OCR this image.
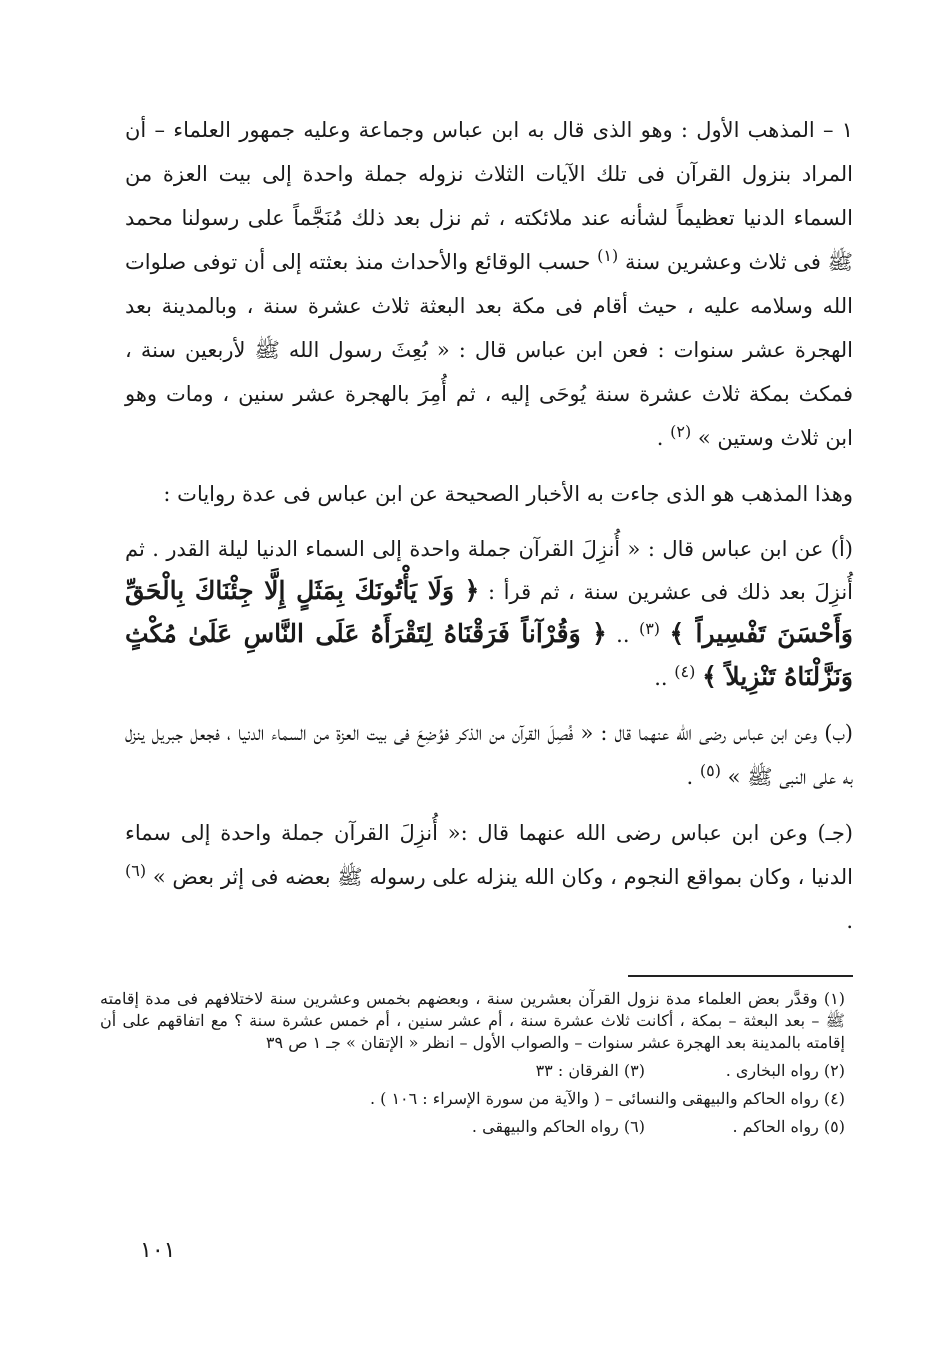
١ – المذهب الأول : وهو الذى قال به ابن عباس وجماعة وعليه جمهور العلماء – أن المراد بنزول القرآن فى تلك الآيات الثلاث نزوله جملة واحدة إلى بيت العزة من السماء الدنيا تعظيماً لشأنه عند ملائكته ، ثم نزل بعد ذلك مُنَجَّماً على رسولنا محمد ﷺ فى ثلاث وعشرين سنة $^{(١)}$ حسب الوقائع والأحداث منذ بعثته إلى أن توفى صلوات الله وسلامه عليه ، حيث أقام فى مكة بعد البعثة ثلاث عشرة سنة ، وبالمدينة بعد الهجرة عشر سنوات : فعن ابن عباس قال : « بُعِثَ رسول الله ﷺ لأربعين سنة ، فمكث بمكة ثلاث عشرة سنة يُوحَى إليه ، ثم أُمِرَ بالهجرة عشر سنين ، ومات وهو ابن ثلاث وستين » $^{(٢)}$ .

وهذا المذهب هو الذى جاءت به الأخبار الصحيحة عن ابن عباس فى عدة روايات :

(أ) عن ابن عباس قال : « أُنزِلَ القرآن جملة واحدة إلى السماء الدنيا ليلة القدر . ثم أُنزِلَ بعد ذلك فى عشرين سنة ، ثم قرأ : ﴿ وَلَا يَأْتُونَكَ بِمَثَلٍ إِلَّا جِئْنَاكَ بِالْحَقِّ وَأَحْسَنَ تَفْسِيراً ﴾ $^{(٣)}$ .. ﴿ وَقُرْآناً فَرَقْنَاهُ لِتَقْرَأَهُ عَلَى النَّاسِ عَلَىٰ مُكْثٍ وَنَزَّلْنَاهُ تَنْزِيلاً ﴾ $^{(٤)}$ ..

(ب) وعن ابن عباس رضى الله عنهما قال : « فُصِلَ القرآن من الذكر فوُضِعَ فى بيت العزة من السماء الدنيا ، فجعل جبريل ينزل به على النبى ﷺ » $^{(٥)}$ .

(جـ) وعن ابن عباس رضى الله عنهما قال :« أُنزِلَ القرآن جملة واحدة إلى سماء الدنيا ، وكان بمواقع النجوم ، وكان الله ينزله على رسوله ﷺ بعضه فى إثر بعض » $^{(٦)}$ .

(١) وقدَّر بعض العلماء مدة نزول القرآن بعشرين سنة ، وبعضهم بخمس وعشرين سنة لاختلافهم فى مدة إقامته ﷺ – بعد البعثة – بمكة ، أكانت ثلاث عشرة سنة ، أم عشر سنين ، أم خمس عشرة سنة ؟ مع اتفاقهم على أن إقامته بالمدينة بعد الهجرة عشر سنوات – والصواب الأول – انظر « الإتقان » جـ ١ ص ٣٩

(٢) رواه البخارى .
(٣) الفرقان : ٣٣
(٤) رواه الحاكم والبيهقى والنسائى – ( والآية من سورة الإسراء : ١٠٦ ) .
(٥) رواه الحاكم .
(٦) رواه الحاكم والبيهقى .
١٠١
